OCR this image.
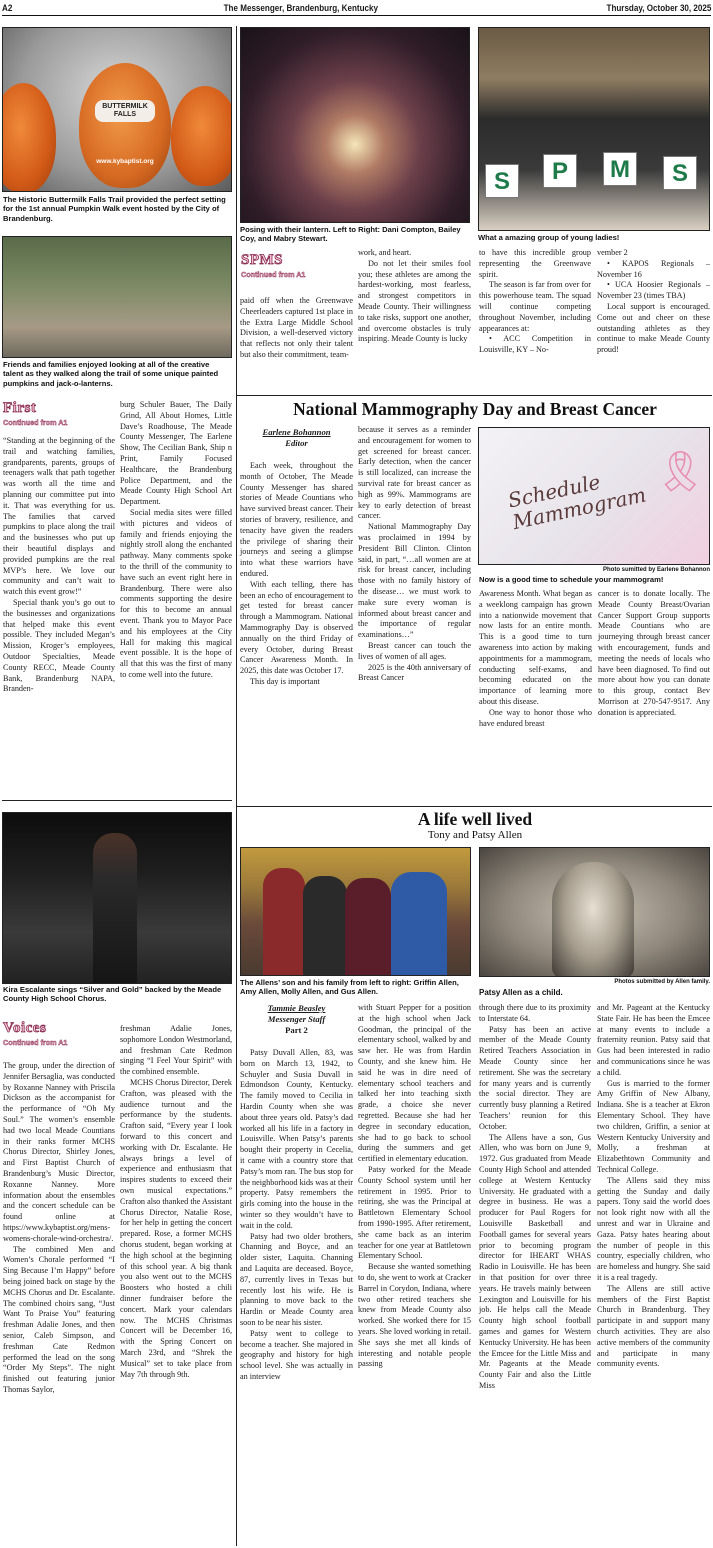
A2	The Messenger, Brandenburg, Kentucky	Thursday, October 30, 2025
BUTTERMILK FALLS
www.kybaptist.org
The Historic Buttermilk Falls Trail provided the perfect setting for the 1st annual Pumpkin Walk event hosted by the City of Brandenburg.
Friends and families enjoyed looking at all of the creative talent as they walked along the trail of some unique painted pumpkins and jack-o-lanterns.
First
Continued from A1

“Standing at the beginning of the trail and watching families, grandparents, parents, groups of teenagers walk that path together was worth all the time and planning our committee put into it. That was everything for us. The families that carved pumpkins to place along the trail and the businesses who put up their beautiful displays and provided pumpkins are the real MVP’s here. We love our community and can’t wait to watch this event grow!”

Special thank you’s go out to the businesses and organizations that helped make this event possible. They included Megan’s Mission, Kroger’s employees, Outdoor Specialties, Meade County RECC, Meade County Bank, Brandenburg NAPA, Branden-

burg Schuler Bauer, The Daily Grind, All About Homes, Little Dave’s Roadhouse, The Meade County Messenger, The Earlene Show, The Cecilian Bank, Ship n Print, Family Focused Healthcare, the Brandenburg Police Department, and the Meade County High School Art Department.

Social media sites were filled with pictures and videos of family and friends enjoying the nightly stroll along the enchanted pathway. Many comments spoke to the thrill of the community to have such an event right here in Brandenburg. There were also comments supporting the desire for this to become an annual event. Thank you to Mayor Pace and his employees at the City Hall for making this magical event possible. It is the hope of all that this was the first of many to come well into the future.

Posing with their lantern. Left to Right: Dani Compton, Bailey Coy, and Mabry Stewart.
S	P	M	S
What a amazing group of young ladies!
SPMS
Continued from A1

paid off when the Greenwave Cheerleaders captured 1st place in the Extra Large Middle School Division, a well-deserved victory that reflects not only their talent but also their commitment, team-

work, and heart.

Do not let their smiles fool you; these athletes are among the hardest-working, most fearless, and strongest competitors in Meade County. Their willingness to take risks, support one another, and overcome obstacles is truly inspiring. Meade County is lucky

to have this incredible group representing the Greenwave spirit.

The season is far from over for this powerhouse team. The squad will continue competing throughout November, including appearances at:

• ACC Competition in Louisville, KY – No-

vember 2

• KAPOS Regionals – November 16

• UCA Hoosier Regionals – November 23 (times TBA)

Local support is encouraged. Come out and cheer on these outstanding athletes as they continue to make Meade County proud!

National Mammography Day and Breast Cancer
Earlene Bohannon
Editor

Each week, throughout the month of October, The Meade County Messenger has shared stories of Meade Countians who have survived breast cancer. Their stories of bravery, resilience, and tenacity have given the readers the privilege of sharing their journeys and seeing a glimpse into what these warriors have endured.

With each telling, there has been an echo of encouragement to get tested for breast cancer through a Mammogram. National Mammography Day is observed annually on the third Friday of every October, during Breast Cancer Awareness Month. In 2025, this date was October 17.

This day is important

because it serves as a reminder and encouragement for women to get screened for breast cancer. Early detection, when the cancer is still localized, can increase the survival rate for breast cancer as high as 99%. Mammograms are key to early detection of breast cancer.

National Mammography Day was proclaimed in 1994 by President Bill Clinton. Clinton said, in part, “…all women are at risk for breast cancer, including those with no family history of the disease… we must work to make sure every woman is informed about breast cancer and the importance of regular examinations…”

Breast cancer can touch the lives of women of all ages.

2025 is the 40th anniversary of Breast Cancer

Schedule Mammogram
🎗
Photo sumitted by Earlene Bohannon
Now is a good time to schedule your mammogram!

Awareness Month. What began as a weeklong campaign has grown into a nationwide movement that now lasts for an entire month. This is a good time to turn awareness into action by making appointments for a mammogram, conducting self-exams, and becoming educated on the importance of learning more about this disease.

One way to honor those who have endured breast

cancer is to donate locally. The Meade County Breast/Ovarian Cancer Support Group supports Meade Countians who are journeying through breast cancer with encouragement, funds and meeting the needs of locals who have been diagnosed. To find out more about how you can donate to this group, contact Bev Morrison at 270-547-9517. Any donation is appreciated.

Kira Escalante sings “Silver and Gold” backed by the Meade County High School Chorus.
Voices
Continued from A1

The group, under the direction of Jennifer Bersaglia, was conducted by Roxanne Nanney with Priscila Dickson as the accompanist for the performance of “Oh My Soul.” The women’s ensemble had two local Meade Countians in their ranks former MCHS Chorus Director, Shirley Jones, and First Baptist Church of Brandenburg’s Music Director, Roxanne Nanney. More information about the ensembles and the concert schedule can be found online at https://www.kybaptist.org/mens-womens-chorale-wind-orchestra/.

The combined Men and Women’s Chorale performed “I Sing Because I’m Happy” before being joined back on stage by the MCHS Chorus and Dr. Escalante. The combined choirs sang, “Just Want To Praise You” featuring freshman Adalie Jones, and then senior, Caleb Simpson, and freshman Cate Redmon performed the lead on the song “Order My Steps”. The night finished out featuring junior Thomas Saylor,

freshman Adalie Jones, sophomore London Westmorland, and freshman Cate Redmon singing “I Feel Your Spirit” with the combined ensemble.

MCHS Chorus Director, Derek Crafton, was pleased with the audience turnout and the performance by the students. Crafton said, “Every year I look forward to this concert and working with Dr. Escalante. He always brings a level of experience and enthusiasm that inspires students to exceed their own musical expectations.” Crafton also thanked the Assistant Chorus Director, Natalie Rose, for her help in getting the concert prepared. Rose, a former MCHS chorus student, began working at the high school at the beginning of this school year. A big thank you also went out to the MCHS Boosters who hosted a chili dinner fundraiser before the concert. Mark your calendars now. The MCHS Christmas Concert will be December 16, with the Spring Concert on March 23rd, and “Shrek the Musical” set to take place from May 7th through 9th.

A life well lived
Tony and Patsy Allen
The Allens’ son and his family from left to right: Griffin Allen, Amy Allen, Molly Allen, and Gus Allen.
Photos submitted by Allen family.
Patsy Allen as a child.
Tammie Beasley
Messenger Staff
Part 2

Patsy Duvall Allen, 83, was born on March 13, 1942, to Schuyler and Susia Duvall in Edmondson County, Kentucky. The family moved to Cecilia in Hardin County when she was about three years old. Patsy’s dad worked all his life in a factory in Louisville. When Patsy’s parents bought their property in Cecelia, it came with a country store that Patsy’s mom ran. The bus stop for the neighborhood kids was at their property. Patsy remembers the girls coming into the house in the winter so they wouldn’t have to wait in the cold.

Patsy had two older brothers, Channing and Boyce, and an older sister, Laquita. Channing and Laquita are deceased. Boyce, 87, currently lives in Texas but recently lost his wife. He is planning to move back to the Hardin or Meade County area soon to be near his sister.

Patsy went to college to become a teacher. She majored in geography and history for high school level. She was actually in an interview

with Stuart Pepper for a position at the high school when Jack Goodman, the principal of the elementary school, walked by and saw her. He was from Hardin County, and she knew him. He said he was in dire need of elementary school teachers and talked her into teaching sixth grade, a choice she never regretted. Because she had her degree in secondary education, she had to go back to school during the summers and get certified in elementary education.

Patsy worked for the Meade County School system until her retirement in 1995. Prior to retiring, she was the Principal at Battletown Elementary School from 1990-1995. After retirement, she came back as an interim teacher for one year at Battletown Elementary School.

Because she wanted something to do, she went to work at Cracker Barrel in Corydon, Indiana, where two other retired teachers she knew from Meade County also worked. She worked there for 15 years. She loved working in retail. She says she met all kinds of interesting and notable people passing

through there due to its proximity to Interstate 64.

Patsy has been an active member of the Meade County Retired Teachers Association in Meade County since her retirement. She was the secretary for many years and is currently the social director. They are currently busy planning a Retired Teachers’ reunion for this October.

The Allens have a son, Gus Allen, who was born on June 9, 1972. Gus graduated from Meade County High School and attended college at Western Kentucky University. He graduated with a degree in business. He was a producer for Paul Rogers for Louisville Basketball and Football games for several years prior to becoming program director for IHEART WHAS Radio in Louisville. He has been in that position for over three years. He travels mainly between Lexington and Louisville for his job. He helps call the Meade County high school football games and games for Western Kentucky University. He has been the Emcee for the Little Miss and Mr. Pageants at the Meade County Fair and also the Little Miss

and Mr. Pageant at the Kentucky State Fair. He has been the Emcee at many events to include a fraternity reunion. Patsy said that Gus had been interested in radio and communications since he was a child.

Gus is married to the former Amy Griffin of New Albany, Indiana. She is a teacher at Ekron Elementary School. They have two children, Griffin, a senior at Western Kentucky University and Molly, a freshman at Elizabethtown Community and Technical College.

The Allens said they miss getting the Sunday and daily papers. Tony said the world does not look right now with all the unrest and war in Ukraine and Gaza. Patsy hates hearing about the number of people in this country, especially children, who are homeless and hungry. She said it is a real tragedy.

The Allens are still active members of the First Baptist Church in Brandenburg. They participate in and support many church activities. They are also active members of the community and participate in many community events.
